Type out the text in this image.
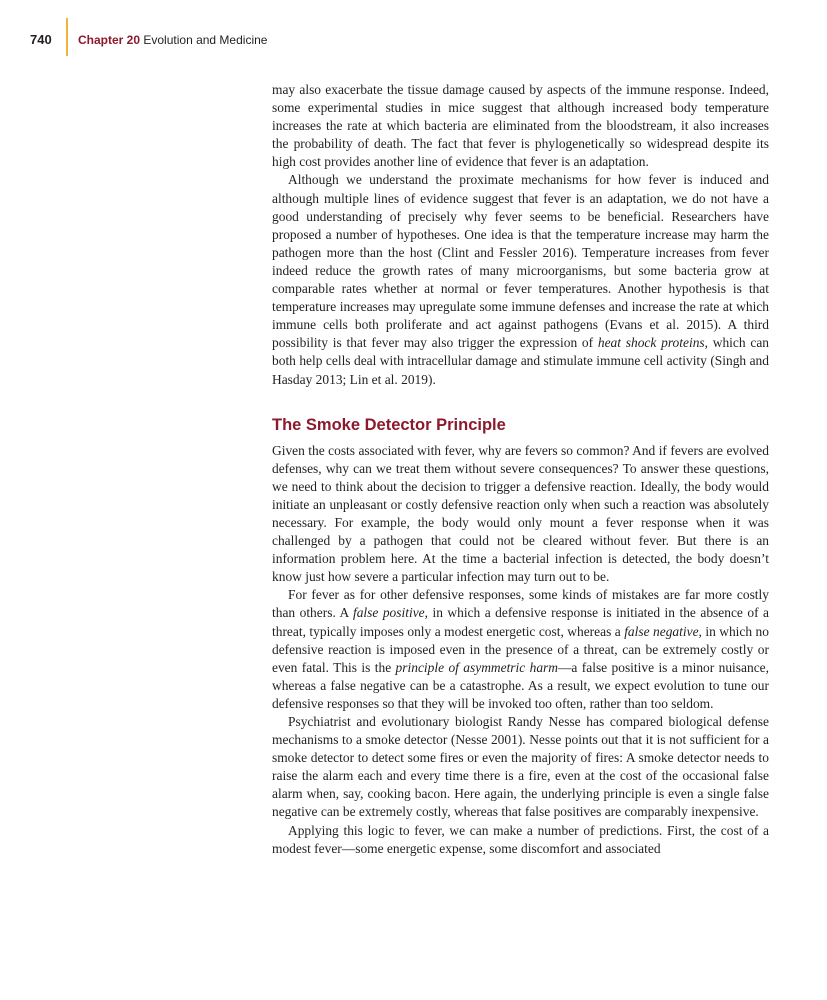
740 Chapter 20 Evolution and Medicine

may also exacerbate the tissue damage caused by aspects of the immune response. Indeed, some experimental studies in mice suggest that although increased body temperature increases the rate at which bacteria are eliminated from the bloodstream, it also increases the probability of death. The fact that fever is phylogenetically so widespread despite its high cost provides another line of evidence that fever is an adaptation.

Although we understand the proximate mechanisms for how fever is induced and although multiple lines of evidence suggest that fever is an adaptation, we do not have a good understanding of precisely why fever seems to be beneficial. Researchers have proposed a number of hypotheses. One idea is that the temperature increase may harm the pathogen more than the host (Clint and Fessler 2016). Temperature increases from fever indeed reduce the growth rates of many microorganisms, but some bacteria grow at comparable rates whether at normal or fever temperatures. Another hypothesis is that temperature increases may upregulate some immune defenses and increase the rate at which immune cells both proliferate and act against pathogens (Evans et al. 2015). A third possibility is that fever may also trigger the expression of heat shock proteins, which can both help cells deal with intracellular damage and stimulate immune cell activity (Singh and Hasday 2013; Lin et al. 2019).

The Smoke Detector Principle

Given the costs associated with fever, why are fevers so common? And if fevers are evolved defenses, why can we treat them without severe consequences? To answer these questions, we need to think about the decision to trigger a defensive reaction. Ideally, the body would initiate an unpleasant or costly defensive reaction only when such a reaction was absolutely necessary. For example, the body would only mount a fever response when it was challenged by a pathogen that could not be cleared without fever. But there is an information problem here. At the time a bacterial infection is detected, the body doesn’t know just how severe a particular infection may turn out to be.

For fever as for other defensive responses, some kinds of mistakes are far more costly than others. A false positive, in which a defensive response is initiated in the absence of a threat, typically imposes only a modest energetic cost, whereas a false negative, in which no defensive reaction is imposed even in the presence of a threat, can be extremely costly or even fatal. This is the principle of asymmetric harm—a false positive is a minor nuisance, whereas a false negative can be a catastrophe. As a result, we expect evolution to tune our defensive responses so that they will be invoked too often, rather than too seldom.

Psychiatrist and evolutionary biologist Randy Nesse has compared biological defense mechanisms to a smoke detector (Nesse 2001). Nesse points out that it is not sufficient for a smoke detector to detect some fires or even the majority of fires: A smoke detector needs to raise the alarm each and every time there is a fire, even at the cost of the occasional false alarm when, say, cooking bacon. Here again, the underlying principle is even a single false negative can be extremely costly, whereas that false positives are comparably inexpensive.

Applying this logic to fever, we can make a number of predictions. First, the cost of a modest fever—some energetic expense, some discomfort and associated
